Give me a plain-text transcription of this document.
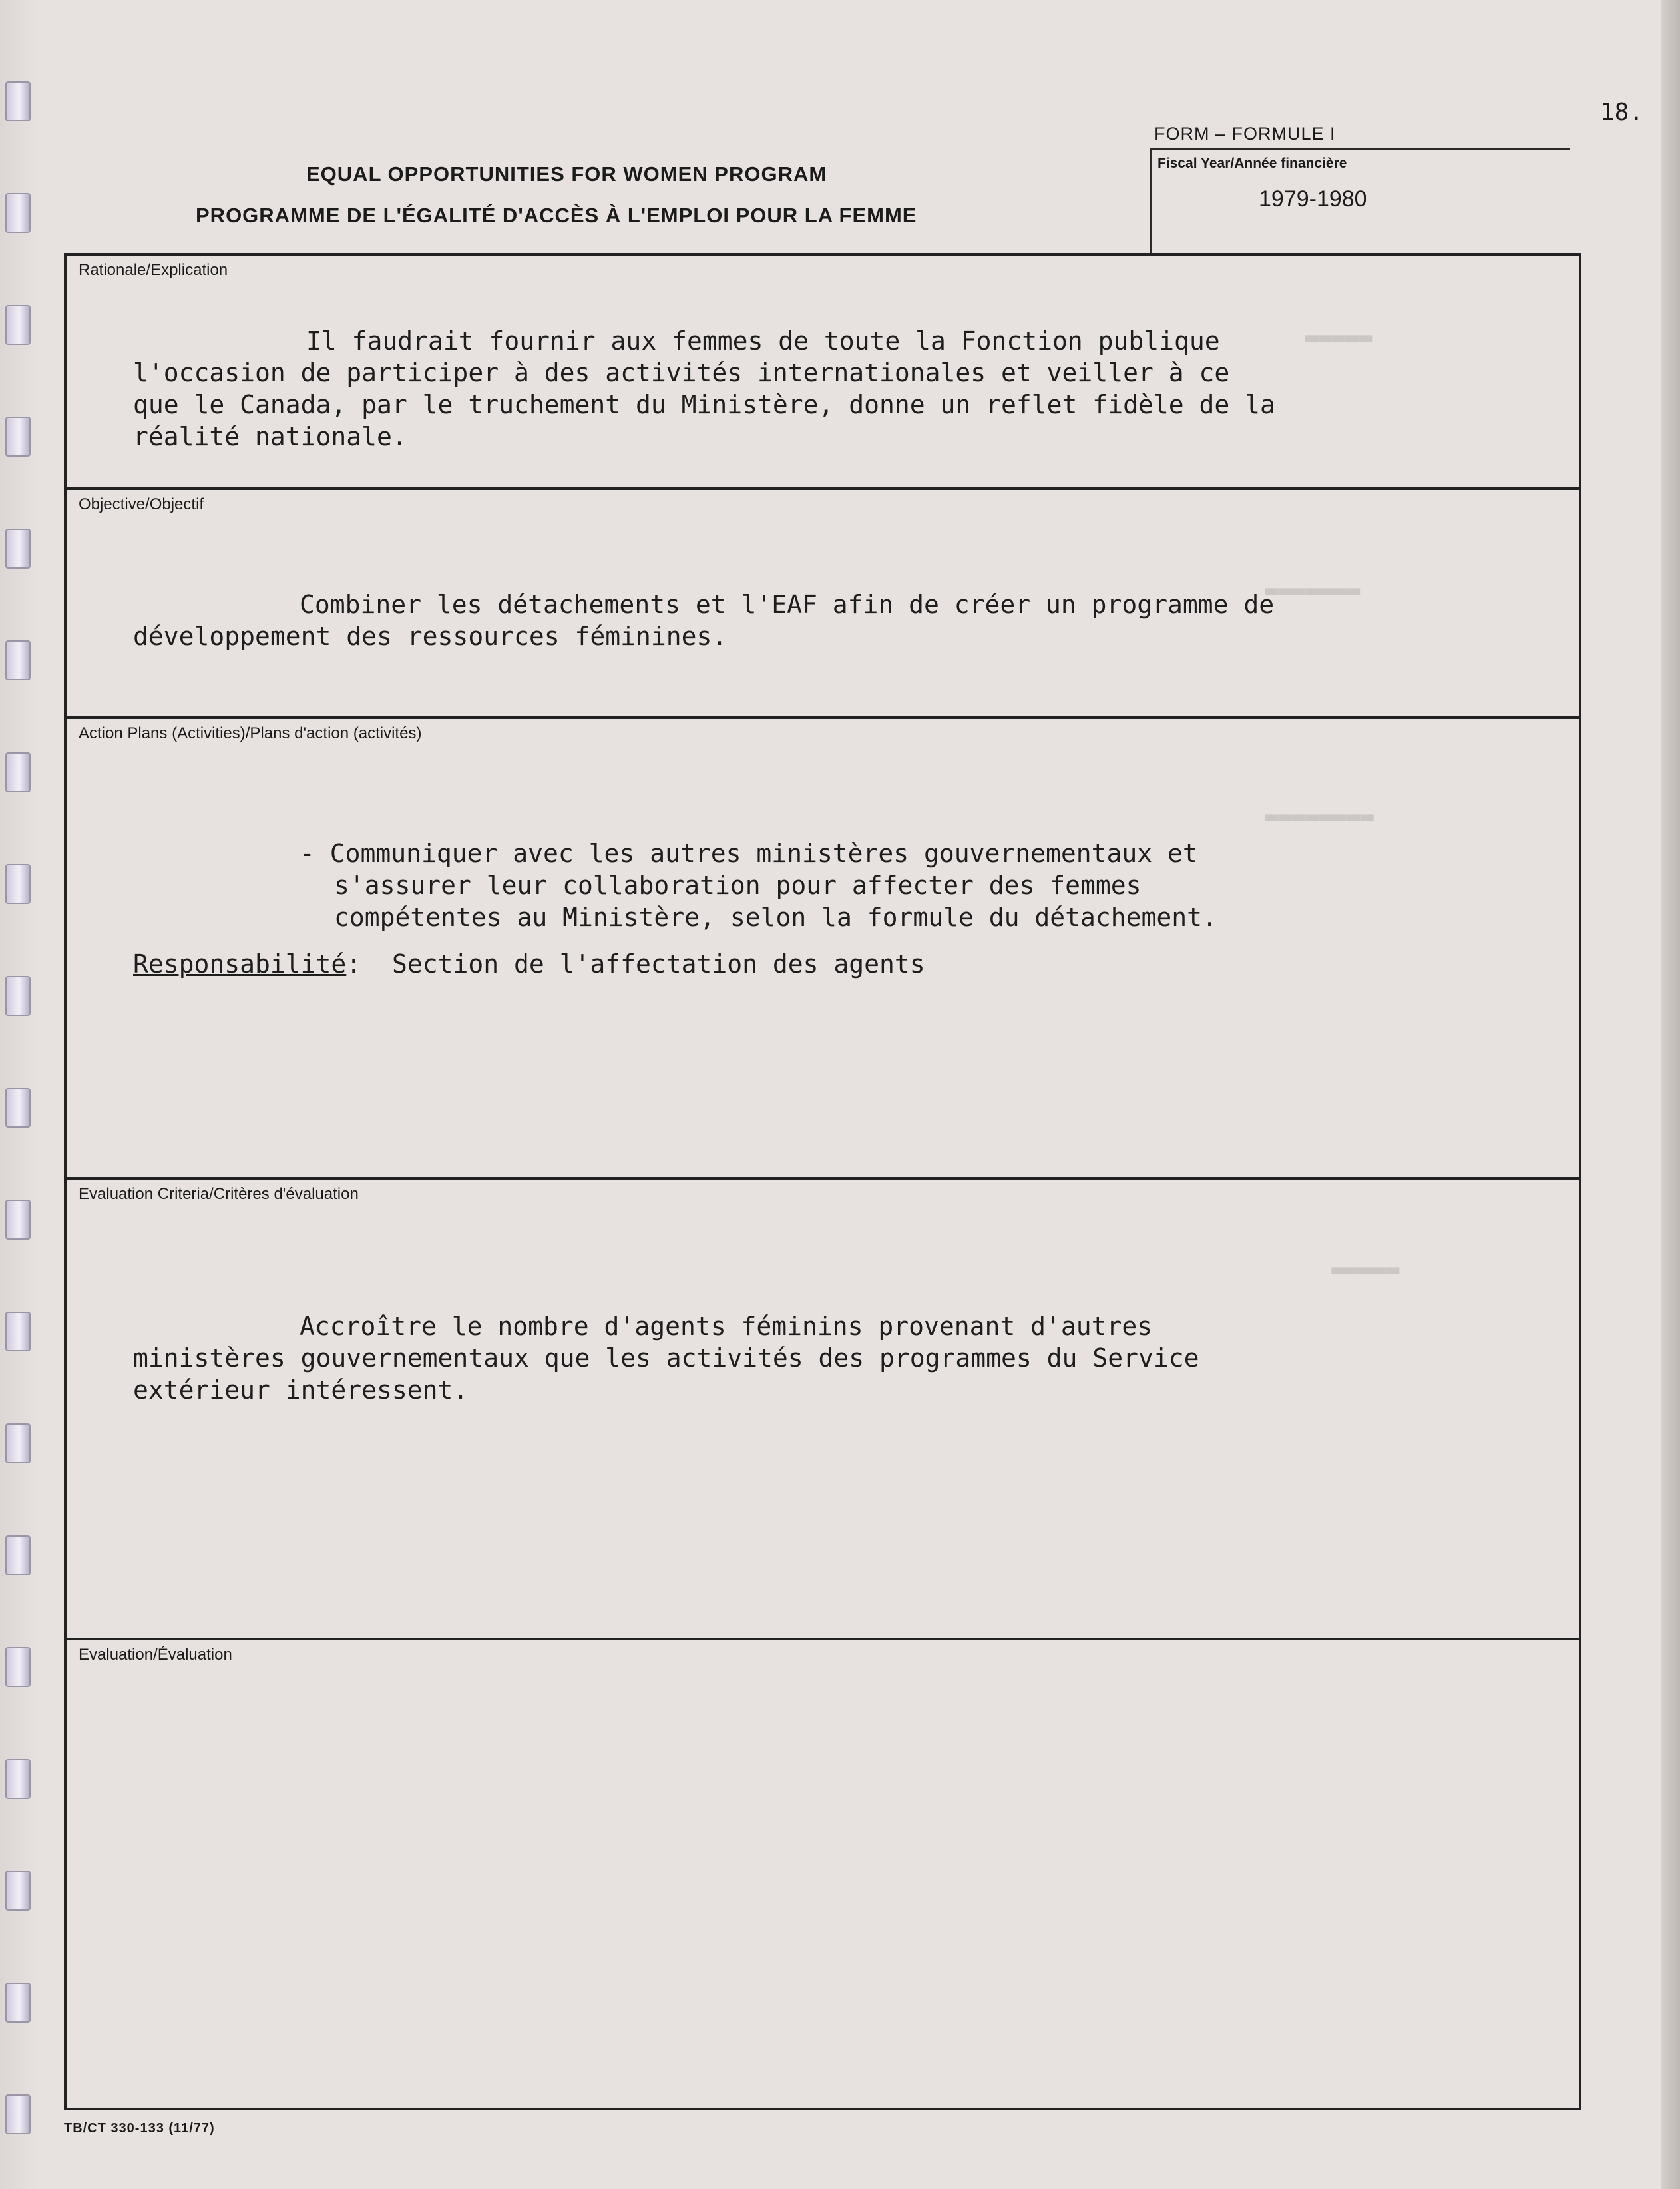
▬▬▬▬▬
▬▬▬▬▬▬▬
▬▬▬▬▬▬▬▬
▬▬▬▬▬
18.
FORM – FORMULE I
Fiscal Year/Année financière
1979-1980
EQUAL OPPORTUNITIES FOR WOMEN PROGRAM
PROGRAMME DE L'ÉGALITÉ D'ACCÈS À L'EMPLOI POUR LA FEMME
Rationale/Explication
Il faudrait fournir aux femmes de toute la Fonction publique
l'occasion de participer à des activités internationales et veiller à ce
que le Canada, par le truchement du Ministère, donne un reflet fidèle de la
réalité nationale.
Objective/Objectif
Combiner les détachements et l'EAF afin de créer un programme de
développement des ressources féminines.
Action Plans (Activities)/Plans d'action (activités)
- Communiquer avec les autres ministères gouvernementaux et
s'assurer leur collaboration pour affecter des femmes
compétentes au Ministère, selon la formule du détachement.
Responsabilité:  Section de l'affectation des agents
Evaluation Criteria/Critères d'évaluation
Accroître le nombre d'agents féminins provenant d'autres
ministères gouvernementaux que les activités des programmes du Service
extérieur intéressent.
Evaluation/Évaluation
TB/CT 330-133 (11/77)
